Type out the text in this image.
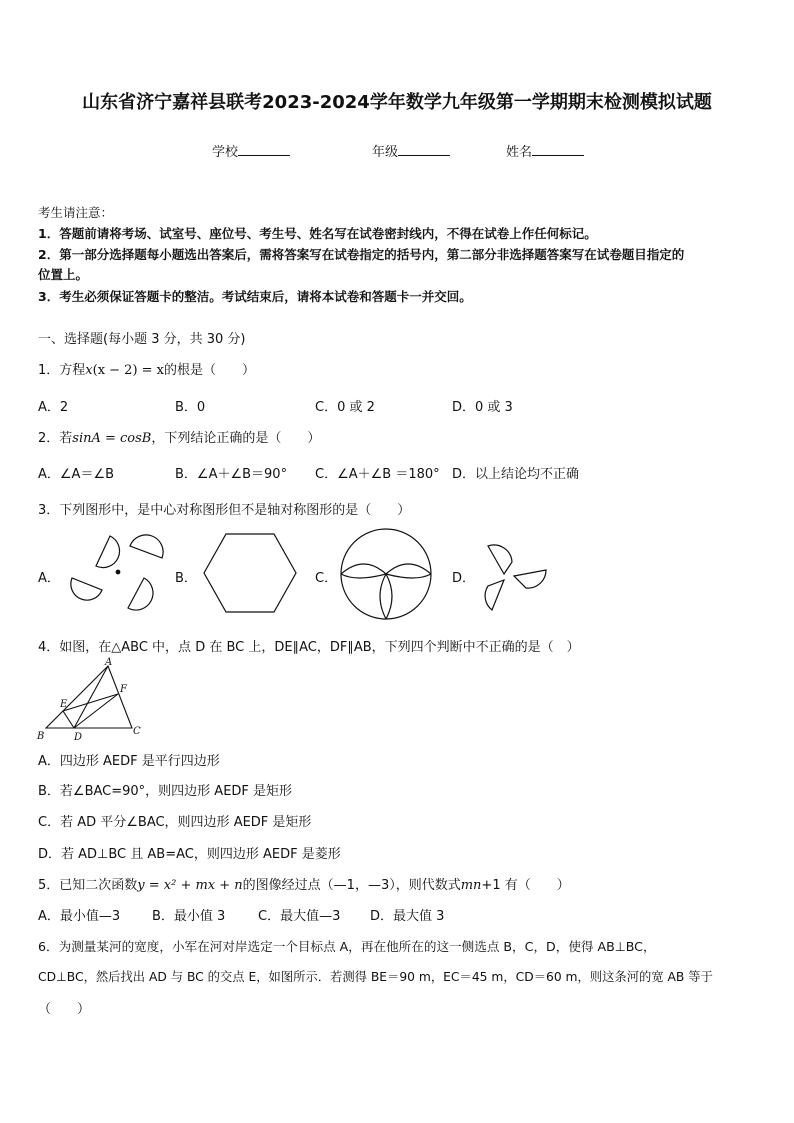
山东省济宁嘉祥县联考2023-2024学年数学九年级第一学期期末检测模拟试题
学校	年级	姓名
考生请注意：
1．答题前请将考场、试室号、座位号、考生号、姓名写在试卷密封线内，不得在试卷上作任何标记。
2．第一部分选择题每小题选出答案后，需将答案写在试卷指定的括号内，第二部分非选择题答案写在试卷题目指定的
位置上。
3．考生必须保证答题卡的整洁。考试结束后，请将本试卷和答题卡一并交回。
一、选择题(每小题 3 分，共 30 分)
1．方程x(x − 2) = x的根是（　　）
A．2	B．0	C．0 或 2	D．0 或 3
2．若sinA = cosB，下列结论正确的是（　　）
A．∠A＝∠B	B．∠A＋∠B＝90° C．∠A＋∠B ＝180° D．以上结论均不正确
3．下列图形中，是中心对称图形但不是轴对称图形的是（　　）
A．	B．	C．	D．
4．如图，在△ABC 中，点 D 在 BC 上，DE∥AC，DF∥AB，下列四个判断中不正确的是（　）
A
B	C
D
E
F
A．四边形 AEDF 是平行四边形
B．若∠BAC=90°，则四边形 AEDF 是矩形
C．若 AD 平分∠BAC，则四边形 AEDF 是矩形
D．若 AD⊥BC 且 AB=AC，则四边形 AEDF 是菱形
5．已知二次函数y = x² + mx + n的图像经过点（—1，—3），则代数式mn+1 有（　　）
A．最小值—3 B．最小值 3	C．最大值—3 D．最大值 3
6．为测量某河的宽度，小军在河对岸选定一个目标点 A，再在他所在的这一侧选点 B，C，D，使得 AB⊥BC，
CD⊥BC，然后找出 AD 与 BC 的交点 E，如图所示．若测得 BE＝90 m，EC＝45 m，CD＝60 m，则这条河的宽 AB 等于
（　　）
